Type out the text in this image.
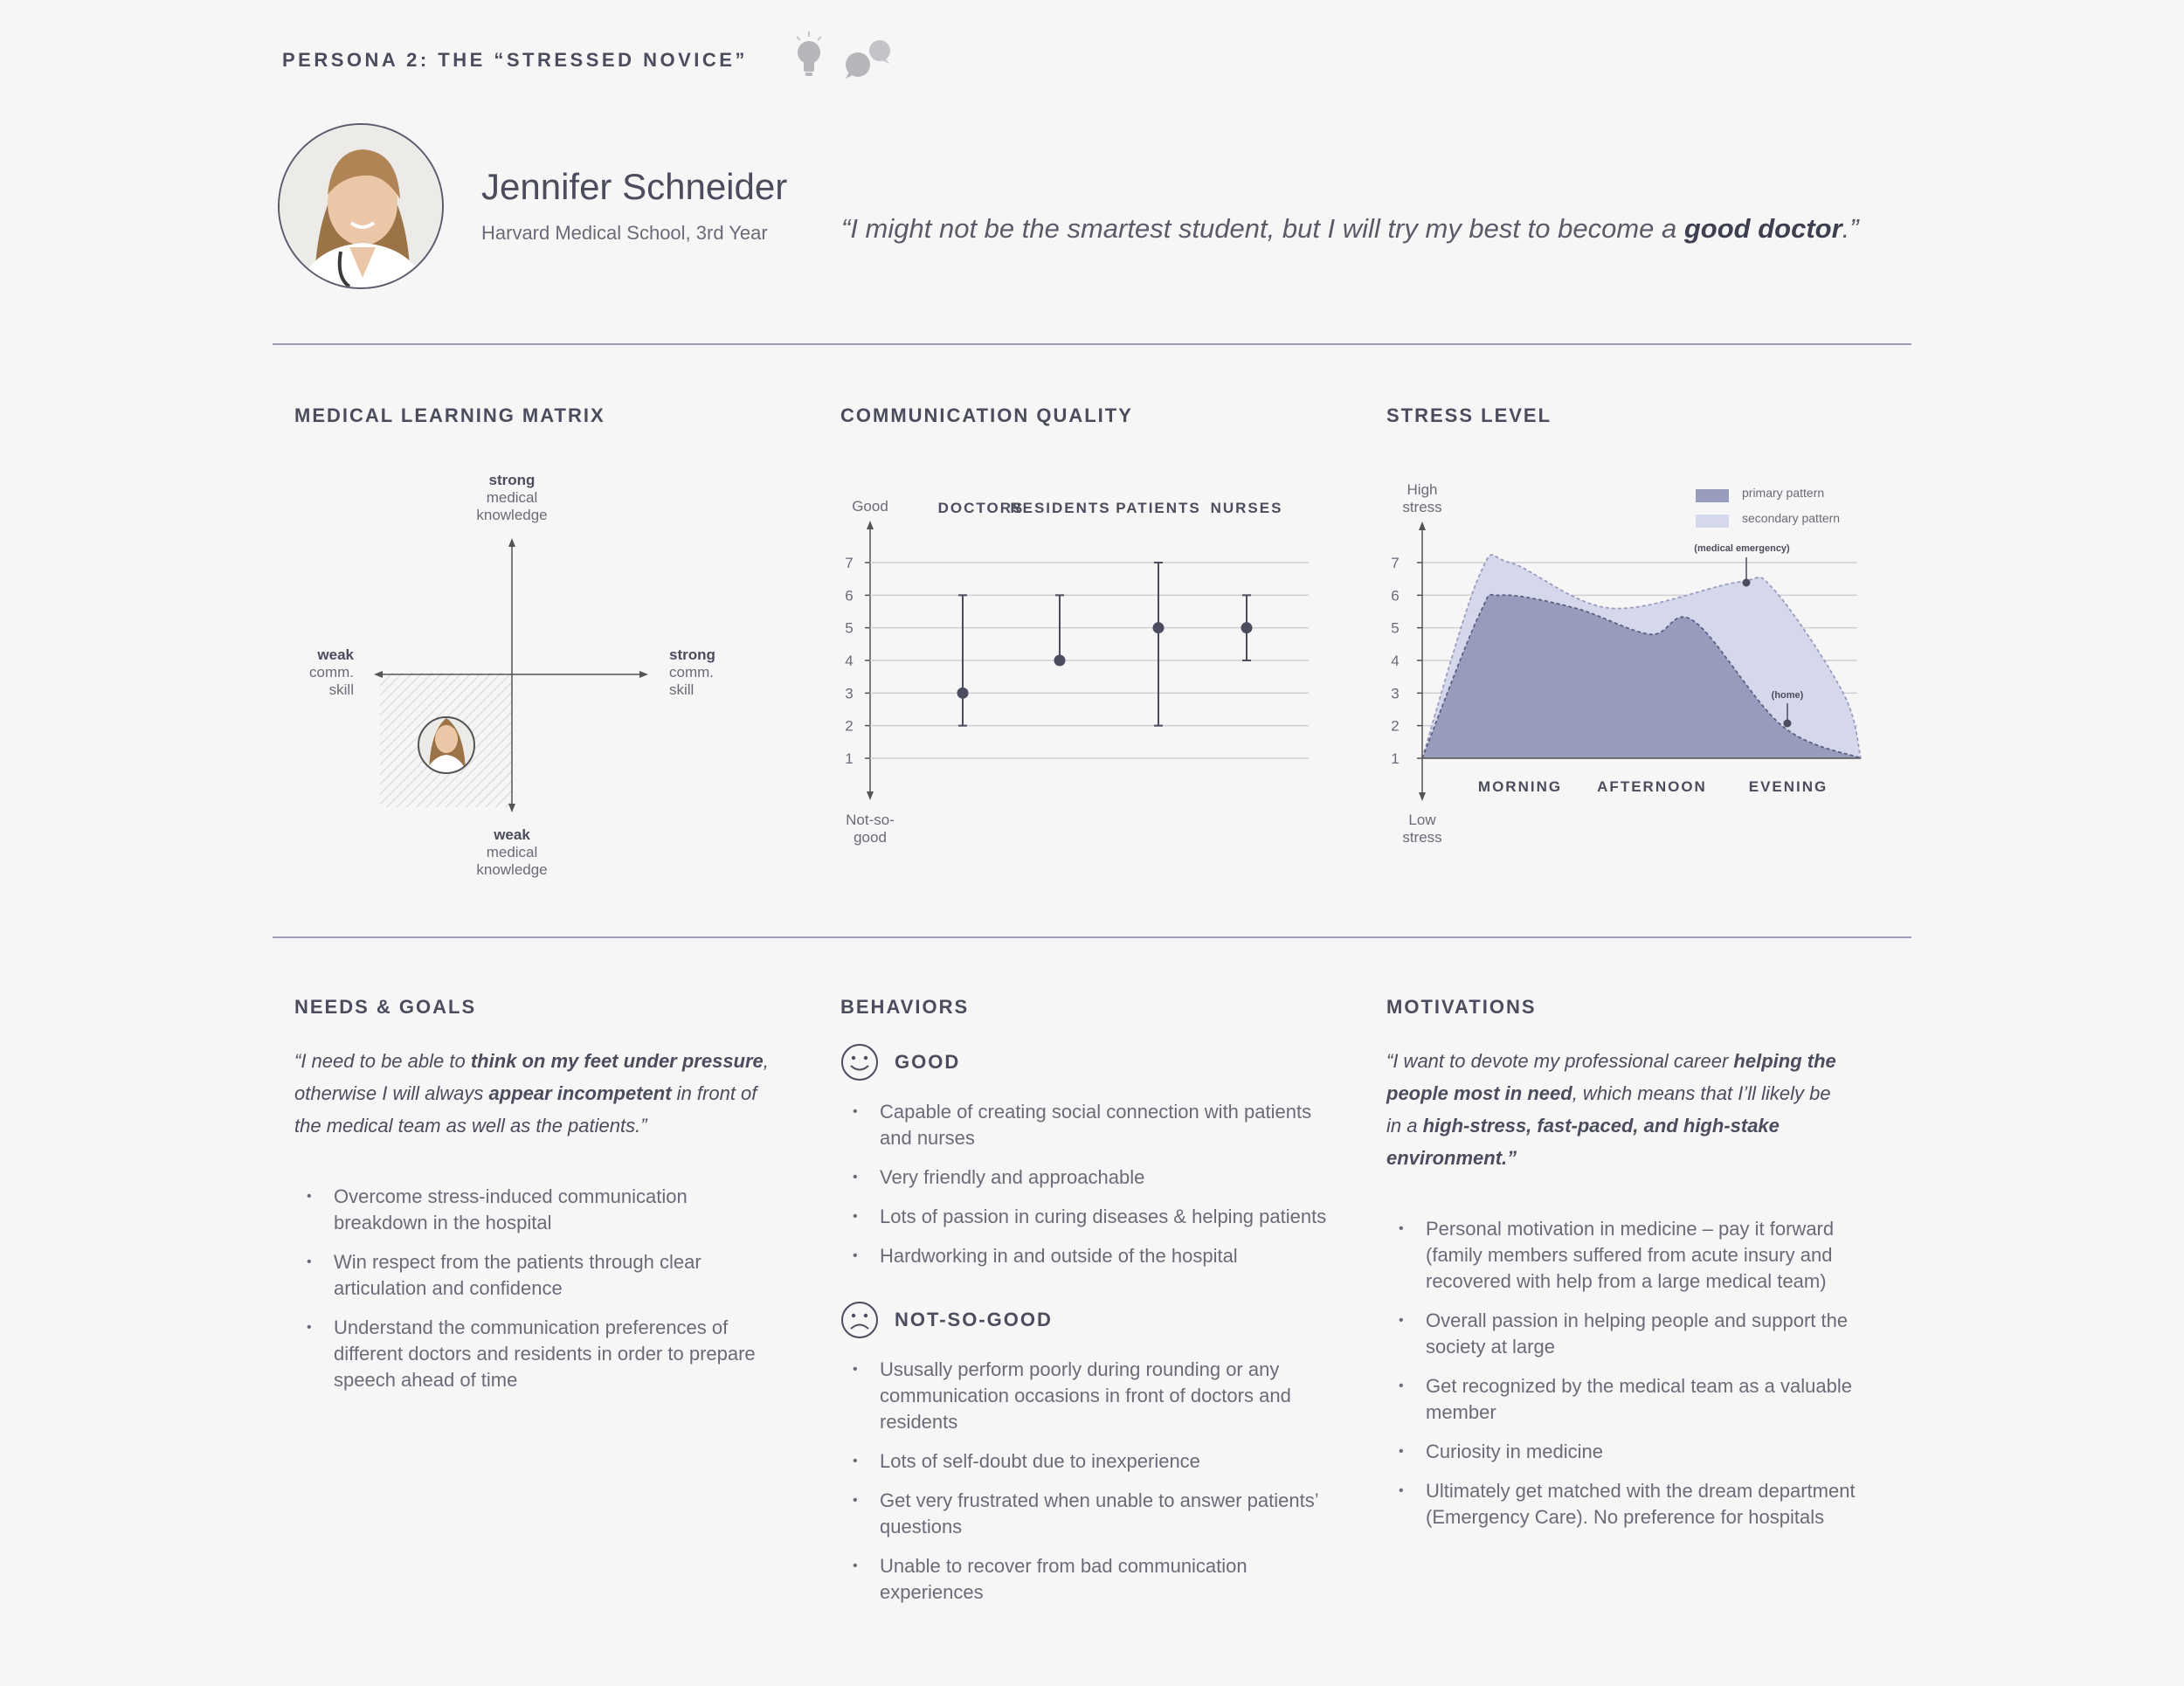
PERSONA 2: THE “STRESSED NOVICE”
Jennifer Schneider
Harvard Medical School, 3rd Year	“I might not be the smartest student, but I will try my best to become a good doctor.”
MEDICAL LEARNING MATRIX
strong
medical
knowledge
weak
medical
knowledge
weak
comm.
skill
strong
comm.
skill
COMMUNICATION QUALITY
Good
Not-so-
good
1
2
3
4
5
6
7
DOCTORS
RESIDENTS PATIENTS NURSES
STRESS LEVEL
High
stress
Low
stress
1
2
3
4
5
6
7
primary pattern
secondary pattern
MORNING AFTERNOON	EVENING
(medical emergency)
(home)
NEEDS & GOALS
“I need to be able to think on my feet under pressure, otherwise I will always appear incompetent in front of the medical team as well as the patients.”
• Overcome stress-induced communication breakdown in the hospital
• Win respect from the patients through clear articulation and confidence
• Understand the communication preferences of different doctors and residents in order to prepare speech ahead of time
BEHAVIORS
GOOD
• Capable of creating social connection with patients and nurses
• Very friendly and approachable
• Lots of passion in curing diseases & helping patients
• Hardworking in and outside of the hospital
NOT-SO-GOOD
• Ususally perform poorly during rounding or any communication occasions in front of doctors and residents
• Lots of self-doubt due to inexperience
• Get very frustrated when unable to answer patients’ questions
• Unable to recover from bad communication experiences
MOTIVATIONS
“I want to devote my professional career helping the people most in need, which means that I’ll likely be in a high-stress, fast-paced, and high-stake environment.”
• Personal motivation in medicine – pay it forward (family members suffered from acute insury and recovered with help from a large medical team)
• Overall passion in helping people and support the society at large
• Get recognized by the medical team as a valuable member
• Curiosity in medicine
• Ultimately get matched with the dream department (Emergency Care). No preference for hospitals
